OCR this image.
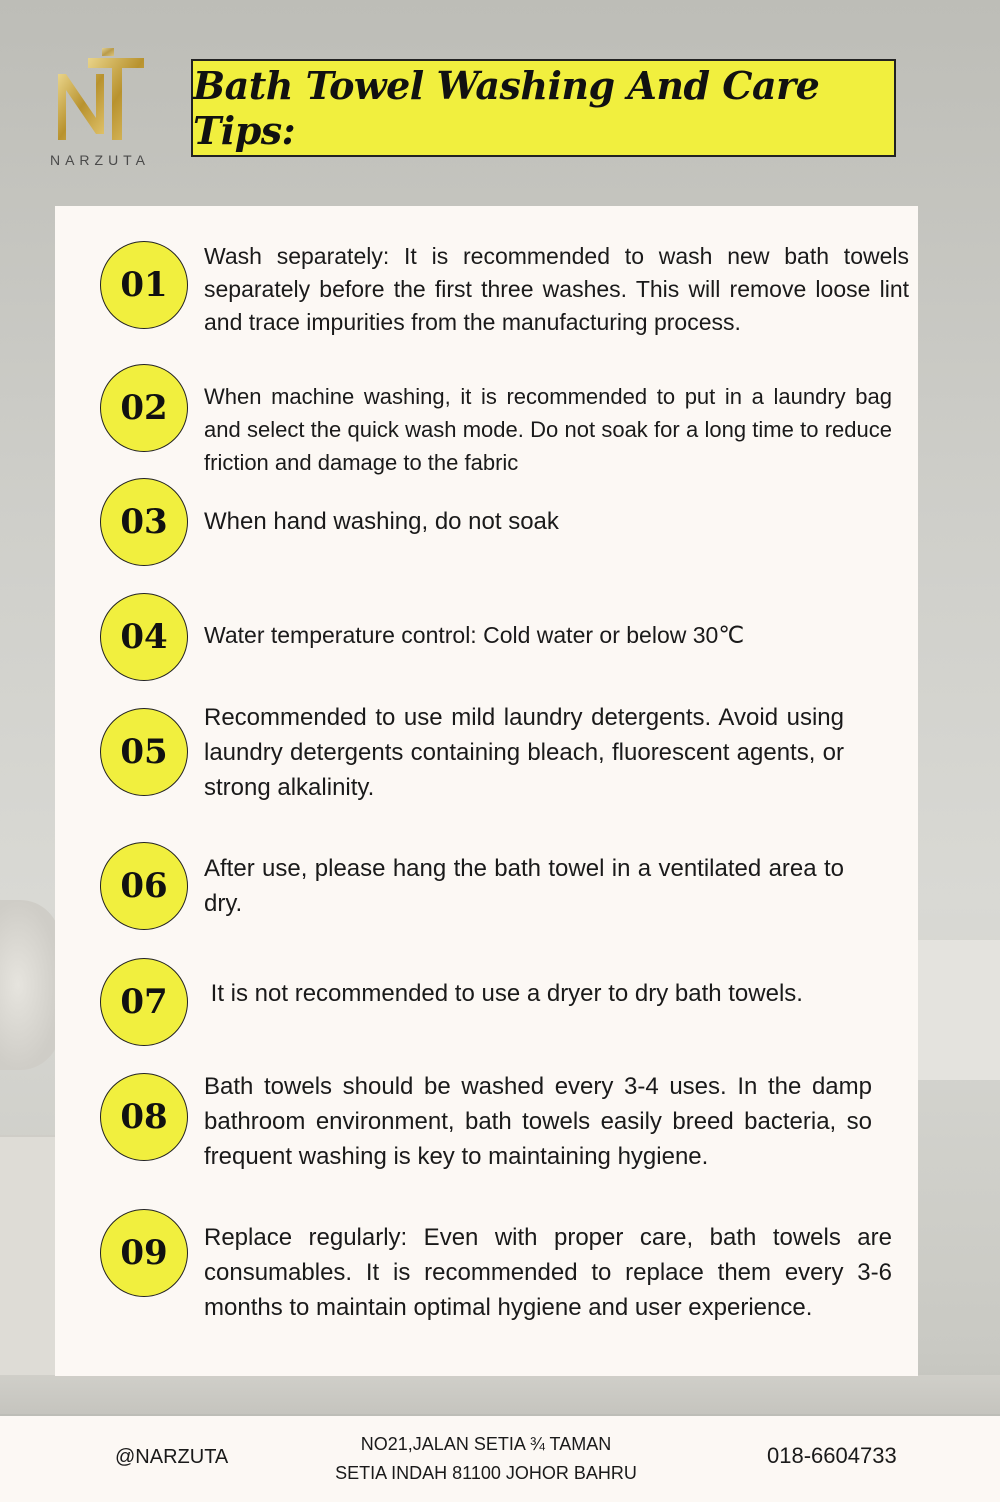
NARZUTA
Bath Towel Washing And Care Tips:
01

Wash separately: It is recommended to wash new bath towels separately before the first three washes. This will remove loose lint and trace impurities from the manufacturing process.

02	When machine washing, it is recommended to put in a laundry bag and select the quick wash mode. Do not soak for a long time to reduce friction and damage to the fabric

03	When hand washing, do not soak

04	Water temperature control: Cold water or below 30℃

05

Recommended to use mild laundry detergents. Avoid using laundry detergents containing bleach, fluorescent agents, or strong alkalinity.

06	After use, please hang the bath towel in a ventilated area to dry.

07	It is not recommended to use a dryer to dry bath towels.

08

Bath towels should be washed every 3-4 uses. In the damp bathroom environment, bath towels easily breed bacteria, so frequent washing is key to maintaining hygiene.

09	Replace regularly: Even with proper care, bath towels are consumables. It is recommended to replace them every 3-6 months to maintain optimal hygiene and user experience.

@NARZUTA
NO21,JALAN SETIA ¾ TAMAN
SETIA INDAH 81100 JOHOR BAHRU
018-6604733
